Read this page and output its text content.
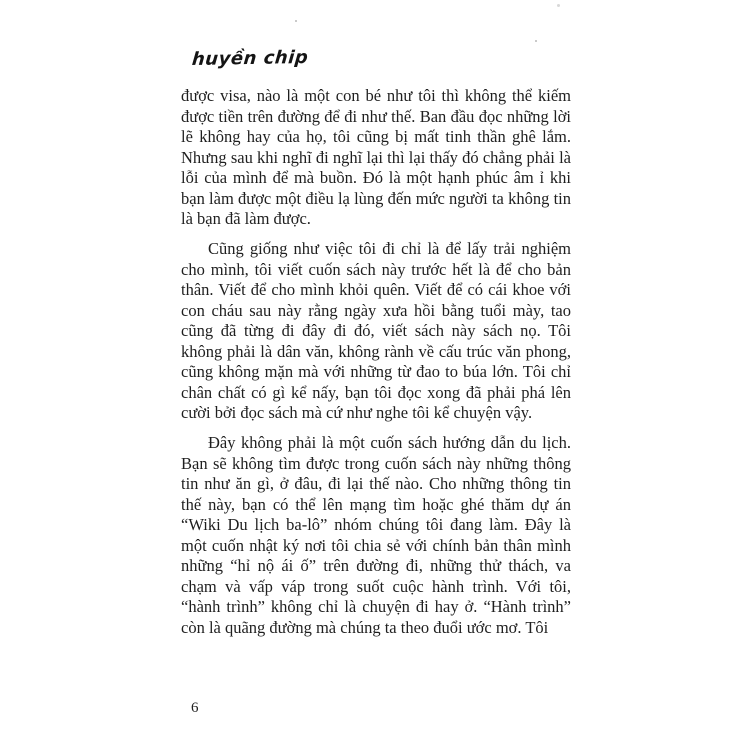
huyền chip

được visa, nào là một con bé như tôi thì không thể kiếm được tiền trên đường để đi như thế. Ban đầu đọc những lời lẽ không hay của họ, tôi cũng bị mất tinh thần ghê lắm. Nhưng sau khi nghĩ đi nghĩ lại thì lại thấy đó chẳng phải là lỗi của mình để mà buồn. Đó là một hạnh phúc âm ỉ khi bạn làm được một điều lạ lùng đến mức người ta không tin là bạn đã làm được.

Cũng giống như việc tôi đi chỉ là để lấy trải nghiệm cho mình, tôi viết cuốn sách này trước hết là để cho bản thân. Viết để cho mình khỏi quên. Viết để có cái khoe với con cháu sau này rằng ngày xưa hồi bằng tuổi mày, tao cũng đã từng đi đây đi đó, viết sách này sách nọ. Tôi không phải là dân văn, không rành về cấu trúc văn phong, cũng không mặn mà với những từ đao to búa lớn. Tôi chỉ chân chất có gì kể nấy, bạn tôi đọc xong đã phải phá lên cười bởi đọc sách mà cứ như nghe tôi kể chuyện vậy.

Đây không phải là một cuốn sách hướng dẫn du lịch. Bạn sẽ không tìm được trong cuốn sách này những thông tin như ăn gì, ở đâu, đi lại thế nào. Cho những thông tin thế này, bạn có thể lên mạng tìm hoặc ghé thăm dự án “Wiki Du lịch ba-lô” nhóm chúng tôi đang làm. Đây là một cuốn nhật ký nơi tôi chia sẻ với chính bản thân mình những “hỉ nộ ái ố” trên đường đi, những thử thách, va chạm và vấp váp trong suốt cuộc hành trình. Với tôi, “hành trình” không chỉ là chuyện đi hay ở. “Hành trình” còn là quãng đường mà chúng ta theo đuổi ước mơ. Tôi

6
